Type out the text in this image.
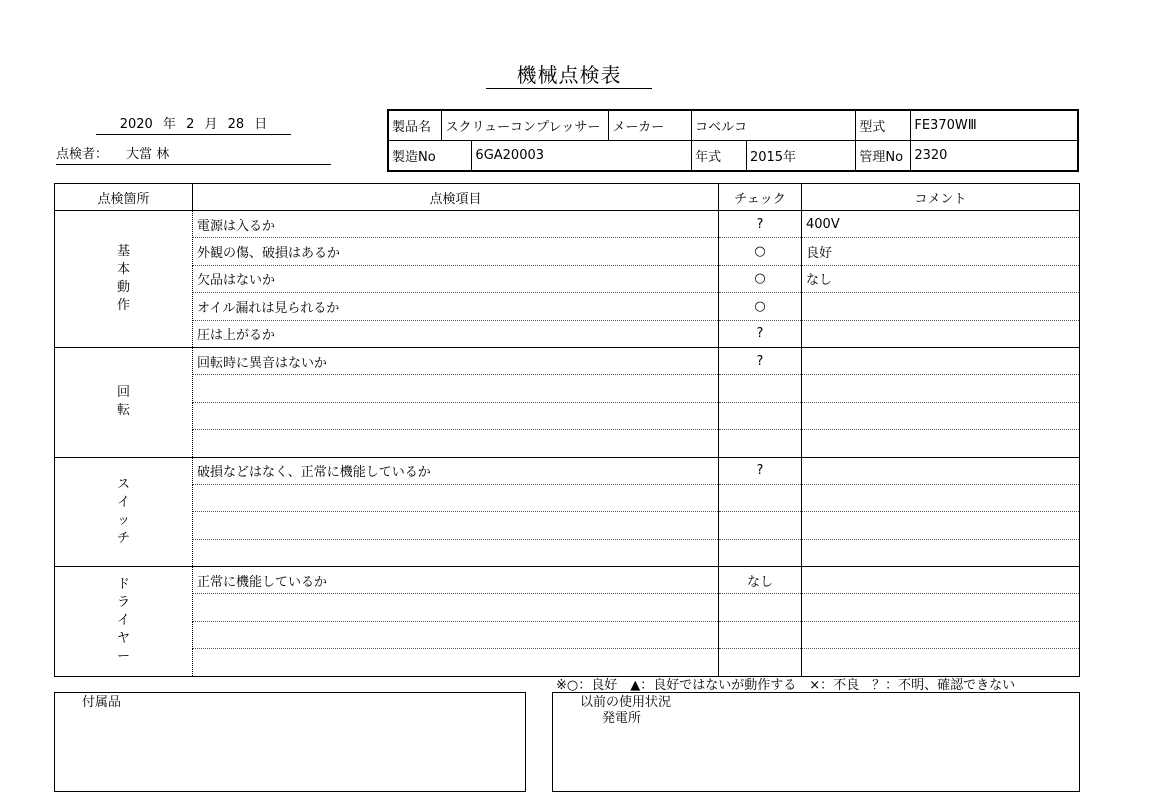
機械点検表
2020 年 2 月 28 日
点検者： 大當 林
製品名	スクリューコンプレッサー		メーカー	コベルコ		型式	FE370WⅢ
製造No		6GA20003		年式	2015年	管理No	2320
点検箇所	点検項目	チェック	コメント
基本動作	電源は入るか	?	400V
	外観の傷、破損はあるか	○	良好
	欠品はないか	○	なし
	オイル漏れは見られるか	○	
	圧は上がるか	?	
回転	回転時に異音はないか	?	

スイッチ	破損などはなく、正常に機能しているか	?	

ドライヤー	正常に機能しているか	なし	

※○：良好　▲：良好ではないが動作する　×：不良　？：不明、確認できない
付属品	以前の使用状況
発電所
